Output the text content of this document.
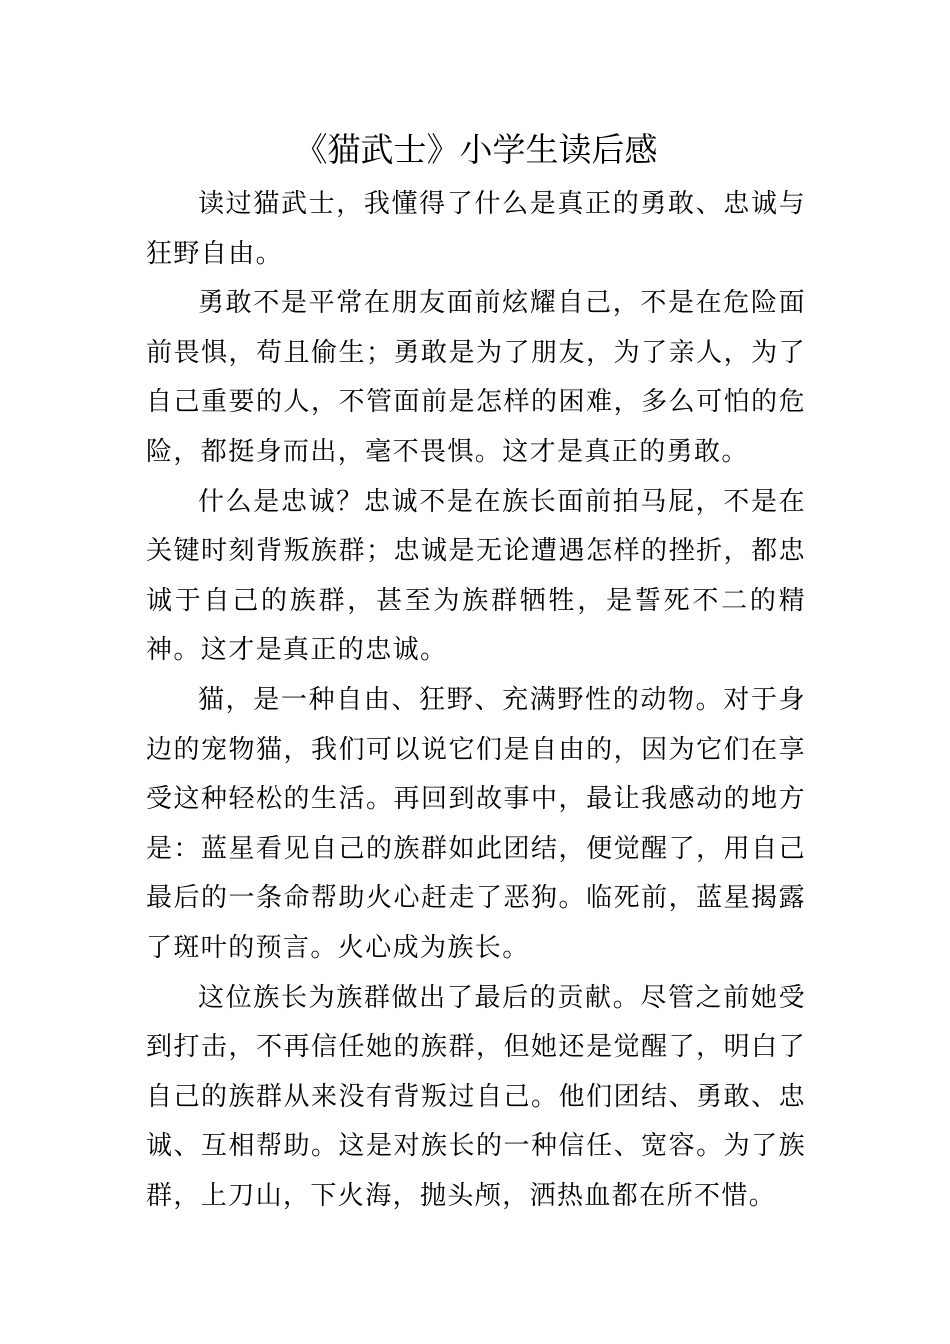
《猫武士》小学生读后感

读过猫武士，我懂得了什么是真正的勇敢、忠诚与狂野自由。

勇敢不是平常在朋友面前炫耀自己，不是在危险面前畏惧，苟且偷生；勇敢是为了朋友，为了亲人，为了自己重要的人，不管面前是怎样的困难，多么可怕的危险，都挺身而出，毫不畏惧。这才是真正的勇敢。

什么是忠诚？忠诚不是在族长面前拍马屁，不是在关键时刻背叛族群；忠诚是无论遭遇怎样的挫折，都忠诚于自己的族群，甚至为族群牺牲，是誓死不二的精神。这才是真正的忠诚。

猫，是一种自由、狂野、充满野性的动物。对于身边的宠物猫，我们可以说它们是自由的，因为它们在享受这种轻松的生活。再回到故事中，最让我感动的地方是：蓝星看见自己的族群如此团结，便觉醒了，用自己最后的一条命帮助火心赶走了恶狗。临死前，蓝星揭露了斑叶的预言。火心成为族长。

这位族长为族群做出了最后的贡献。尽管之前她受到打击，不再信任她的族群，但她还是觉醒了，明白了自己的族群从来没有背叛过自己。他们团结、勇敢、忠诚、互相帮助。这是对族长的一种信任、宽容。为了族群，上刀山，下火海，抛头颅，洒热血都在所不惜。
